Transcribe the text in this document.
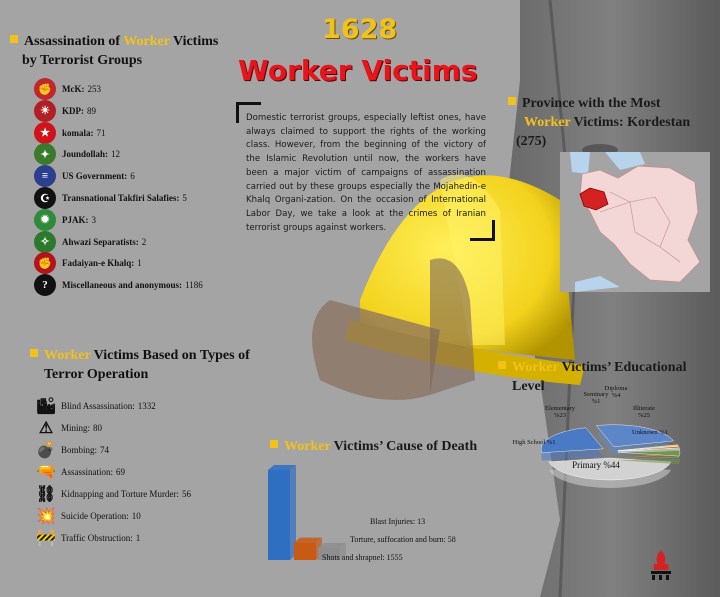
1628
Worker Victims
Domestic terrorist groups, especially leftist ones, have always claimed to support the rights of the working class. However, from the beginning of the victory of the Islamic Revolution until now, the workers have been a major victim of campaigns of assassination carried out by these groups especially the Mojahedin-e Khalq Organi-zation. On the occasion of International Labor Day, we take a look at the crimes of Iranian terrorist groups against workers.
Assassination of Worker Victims
by Terrorist Groups
✊	McK: 253
☀	KDP: 89
★	komala: 71
✦	Joundollah: 12
≡	US Government: 6
☪	Transnational Takfiri Salafies: 5
✹	PJAK: 3
✧	Ahwazi Separatists: 2
✊	Fadaiyan-e Khalq: 1
?	Miscellaneous and anonymous: 1186
Worker Victims Based on Types of
Terror Operation
🏙 Blind Assassination: 1332
⚠ Mining: 80
💣 Bombing: 74
🔫 Assassination: 69
⛓ Kidnapping and Torture Murder: 56
💥 Suicide Operation: 10
🚧 Traffic Obstruction: 1
Province with the Most
Worker Victims: Kordestan
(275)
Worker Victims’ Cause of Death
Shots and shrapnel: 1555
Torture, suffocation and burn: 58
Blast Injuries: 13
Worker Victims’ Educational
Level
Primary %44
Elementary
%23
Illiterate
%25
High School %1
Unknown %1
Seminary
%1
Diploma
%4
